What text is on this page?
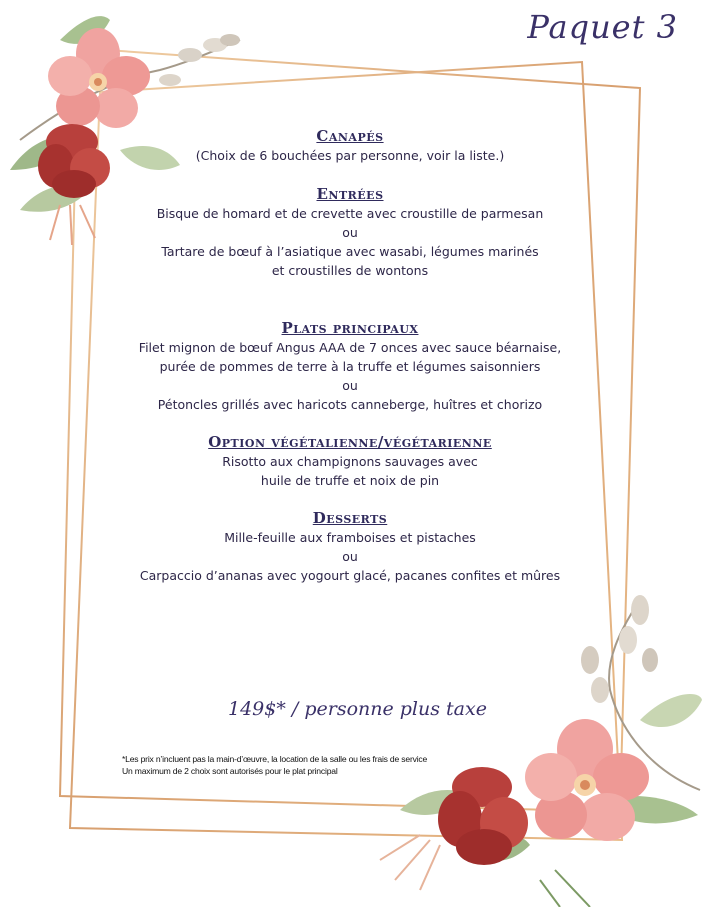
Paquet 3
Canapés

(Choix de 6 bouchées par personne, voir la liste.)

Entrées

Bisque de homard et de crevette avec croustille de parmesan

ou

Tartare de bœuf à l’asiatique avec wasabi, légumes marinés

et croustilles de wontons

Plats principaux

Filet mignon de bœuf Angus AAA de 7 onces avec sauce béarnaise,

purée de pommes de terre à la truffe et légumes saisonniers

ou

Pétoncles grillés avec haricots canneberge, huîtres et chorizo

Option végétalienne/végétarienne

Risotto aux champignons sauvages avec

huile de truffe et noix de pin

Desserts

Mille-feuille aux framboises et pistaches

ou

Carpaccio d’ananas avec yogourt glacé, pacanes confites et mûres

149$* / personne plus taxe
*Les prix n’incluent pas la main-d’œuvre, la location de la salle ou les frais de service
Un maximum de 2 choix sont autorisés pour le plat principal
